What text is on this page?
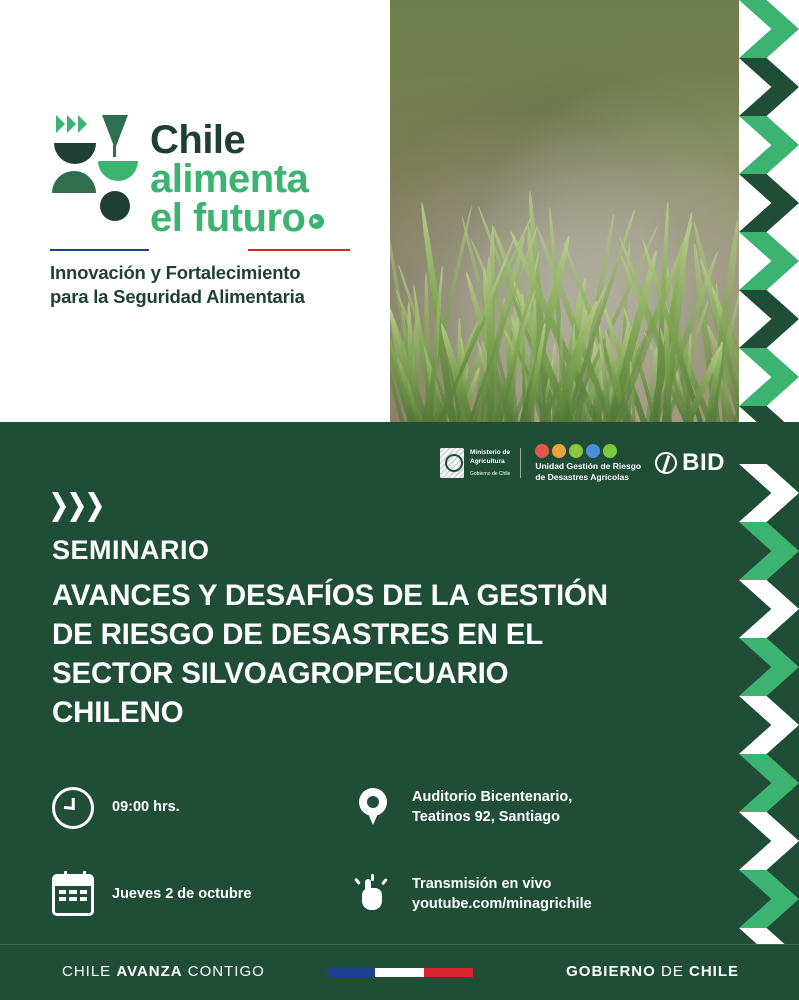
Chile
alimenta
el futuro
Innovación y Fortalecimiento
para la Seguridad Alimentaria
Ministerio de
Agricultura
Gobierno de Chile
Unidad Gestión de Riesgo
de Desastres Agrícolas
BID
SEMINARIO
AVANCES Y DESAFÍOS DE LA GESTIÓN
DE RIESGO DE DESASTRES EN EL
SECTOR SILVOAGROPECUARIO
CHILENO
09:00 hrs.
Auditorio Bicentenario,
Teatinos 92, Santiago
Jueves 2 de octubre
Transmisión en vivo
youtube.com/minagrichile
CHILE AVANZA CONTIGO	GOBIERNO DE CHILE
